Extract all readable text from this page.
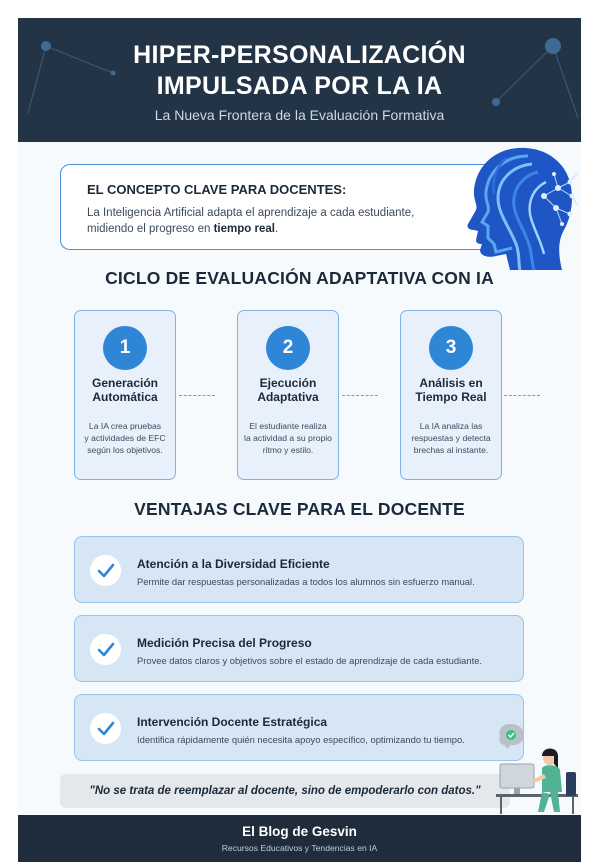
HIPER-PERSONALIZACIÓN
IMPULSADA POR LA IA
La Nueva Frontera de la Evaluación Formativa
EL CONCEPTO CLAVE PARA DOCENTES:
La Inteligencia Artificial adapta el aprendizaje a cada estudiante,
midiendo el progreso en tiempo real.
CICLO DE EVALUACIÓN ADAPTATIVA CON IA
1
Generación
Automática
La IA crea pruebas
y actividades de EFC
según los objetivos.
2
Ejecución
Adaptativa
El estudiante realiza
la actividad a su propio
ritmo y estilo.
3
Análisis en
Tiempo Real
La IA analiza las
respuestas y detecta
brechas al instante.
VENTAJAS CLAVE PARA EL DOCENTE
Atención a la Diversidad Eficiente
Permite dar respuestas personalizadas a todos los alumnos sin esfuerzo manual.
Medición Precisa del Progreso
Provee datos claros y objetivos sobre el estado de aprendizaje de cada estudiante.
Intervención Docente Estratégica
Identifica rápidamente quién necesita apoyo específico, optimizando tu tiempo.
"No se trata de reemplazar al docente, sino de empoderarlo con datos."
El Blog de Gesvin
Recursos Educativos y Tendencias en IA
